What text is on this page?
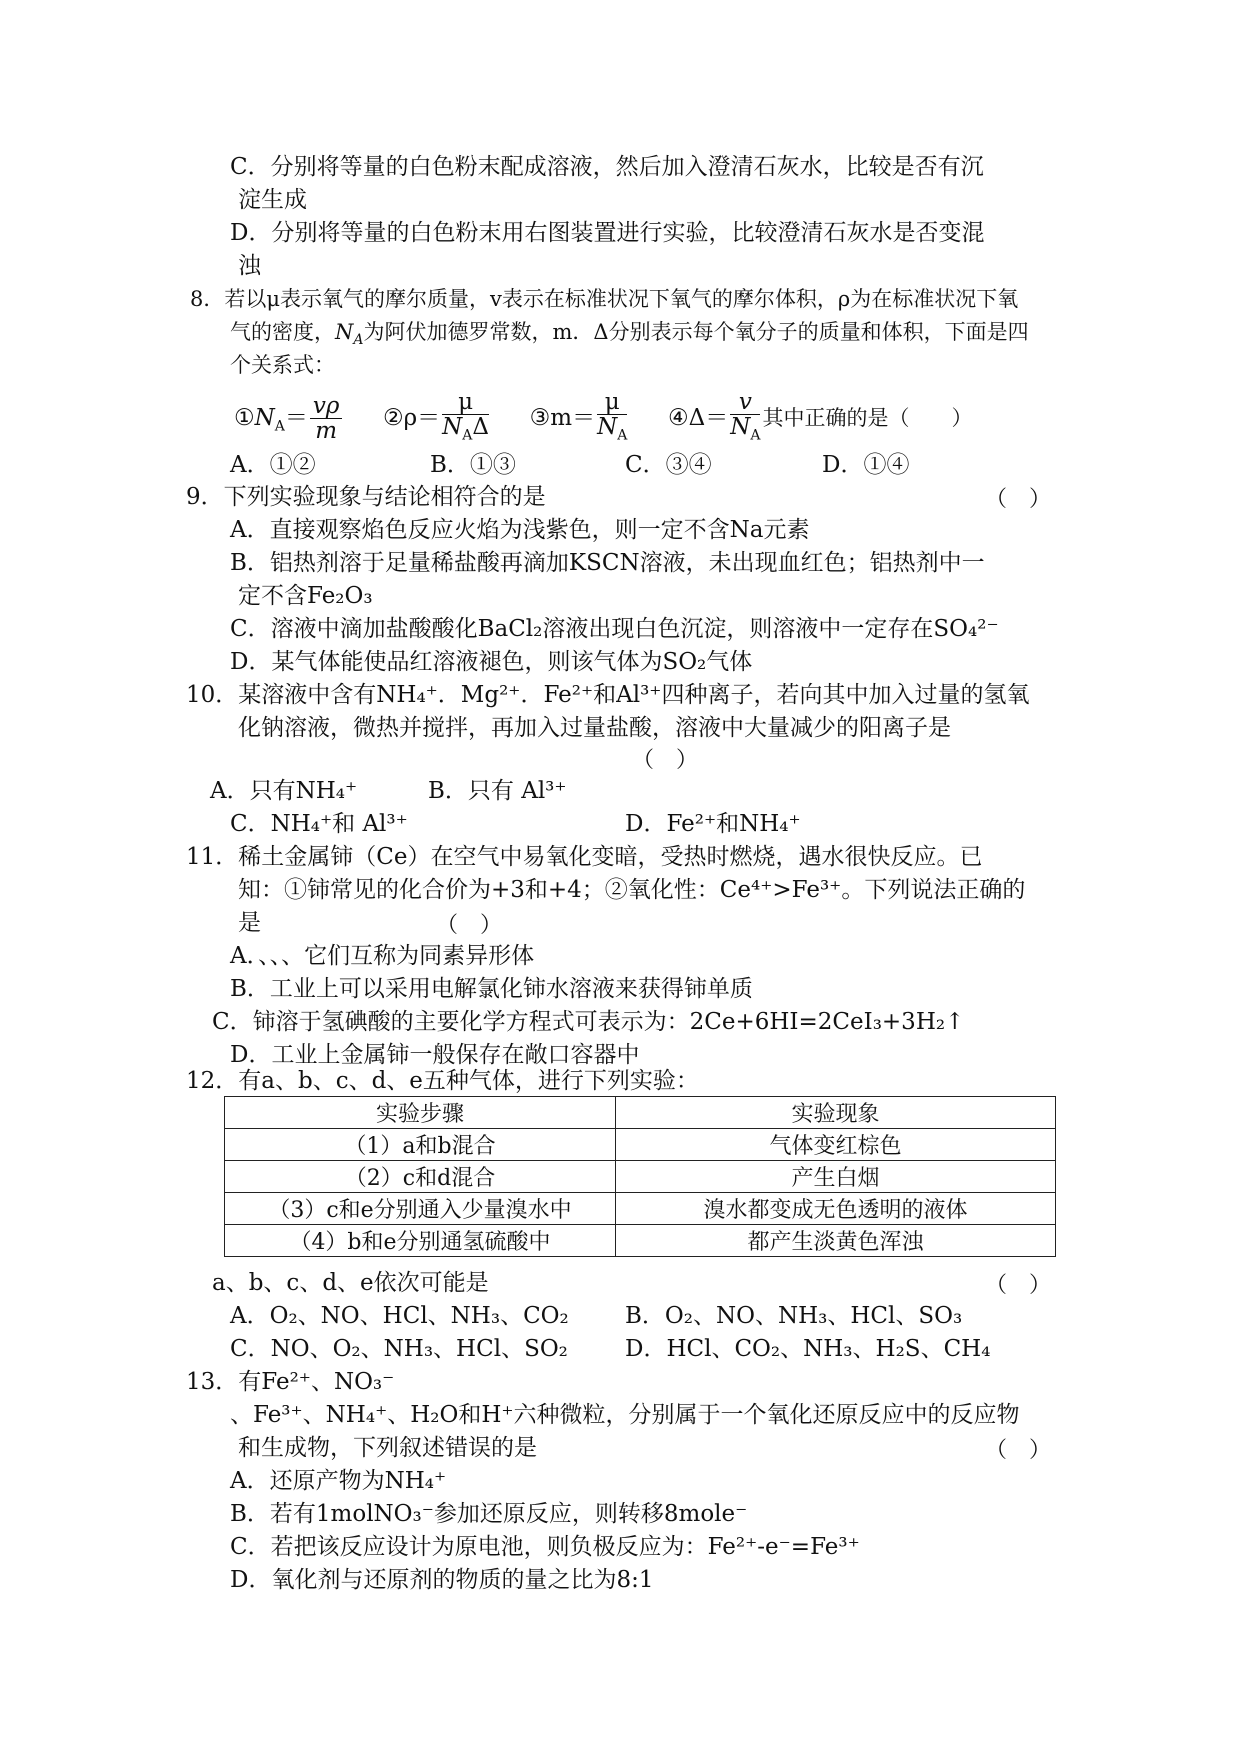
C．分别将等量的白色粉末配成溶液，然后加入澄清石灰水，比较是否有沉
淀生成
D．分别将等量的白色粉末用右图装置进行实验，比较澄清石灰水是否变混
浊
8．若以μ表示氧气的摩尔质量，v表示在标准状况下氧气的摩尔体积，ρ为在标准状况下氧
气的密度，$N_A$为阿伏加德罗常数，m．Δ分别表示每个氧分子的质量和体积，下面是四
个关系式：
$①N_A= \frac{v\rho}{m}$ ②ρ＝ $\frac{\mu}{N_A\Delta}$ ③m＝ $\frac{\mu}{N_A}$ ④Δ＝ $\frac{v}{N_A}$ 其中正确的是（　　）
A．①②	B．①③	C．③④	D．①④
9．下列实验现象与结论相符合的是	（　）
A．直接观察焰色反应火焰为浅紫色，则一定不含Na元素
B．铝热剂溶于足量稀盐酸再滴加KSCN溶液，未出现血红色；铝热剂中一
定不含Fe₂O₃
C．溶液中滴加盐酸酸化BaCl₂溶液出现白色沉淀，则溶液中一定存在SO₄²⁻
D．某气体能使品红溶液褪色，则该气体为SO₂气体
10．某溶液中含有NH₄⁺．Mg²⁺．Fe²⁺和Al³⁺四种离子，若向其中加入过量的氢氧
化钠溶液，微热并搅拌，再加入过量盐酸，溶液中大量减少的阳离子是
（　）
A．只有NH₄⁺	B．只有 Al³⁺
C．NH₄⁺和 Al³⁺	D．Fe²⁺和NH₄⁺
11．稀土金属铈（Ce）在空气中易氧化变暗，受热时燃烧，遇水很快反应。已
知：①铈常见的化合价为+3和+4；②氧化性：Ce⁴⁺>Fe³⁺。下列说法正确的
是	（　）
A．、、、它们互称为同素异形体
B．工业上可以采用电解氯化铈水溶液来获得铈单质
C．铈溶于氢碘酸的主要化学方程式可表示为：2Ce+6HI=2CeI₃+3H₂↑
D．工业上金属铈一般保存在敞口容器中
12．有a、b、c、d、e五种气体，进行下列实验：
实验步骤	实验现象
（1）a和b混合	气体变红棕色
（2）c和d混合	产生白烟
（3）c和e分别通入少量溴水中	溴水都变成无色透明的液体
（4）b和e分别通氢硫酸中	都产生淡黄色浑浊
a、b、c、d、e依次可能是	（　）
A．O₂、NO、HCl、NH₃、CO₂ B．O₂、NO、NH₃、HCl、SO₃
C．NO、O₂、NH₃、HCl、SO₂ D．HCl、CO₂、NH₃、H₂S、CH₄
13．有Fe²⁺、NO₃⁻
、Fe³⁺、NH₄⁺、H₂O和H⁺六种微粒，分别属于一个氧化还原反应中的反应物
和生成物，下列叙述错误的是	（　）
A．还原产物为NH₄⁺
B．若有1molNO₃⁻参加还原反应，则转移8mole⁻
C．若把该反应设计为原电池，则负极反应为：Fe²⁺-e⁻=Fe³⁺
D．氧化剂与还原剂的物质的量之比为8:1
